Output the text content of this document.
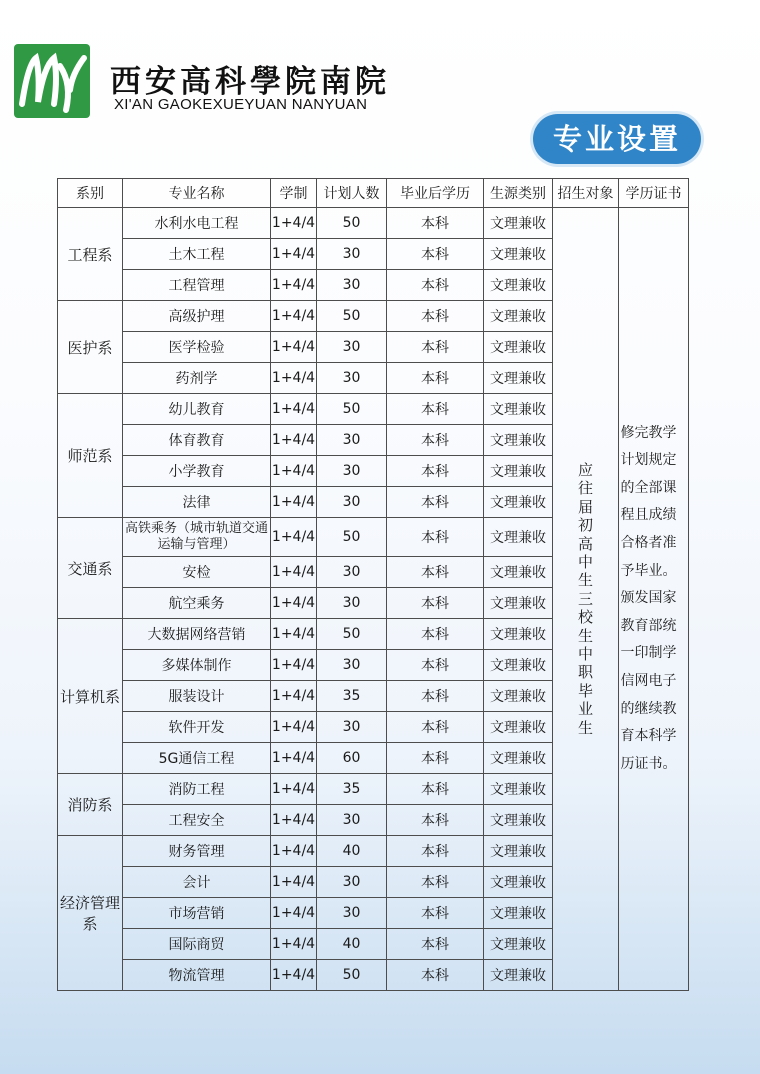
西安高科學院南院
XI'AN GAOKEXUEYUAN NANYUAN
专业设置
系别	专业名称	学制	计划人数	毕业后学历	生源类别	招生对象	学历证书
工程系	水利水电工程	1+4/4	50	本科	文理兼收	应往届初高中生三校生中职毕业生	修完教学计划规定的全部课程且成绩合格者准予毕业。颁发国家教育部统一印制学信网电子的继续教育本科学历证书。
	土木工程	1+4/4	30	本科	文理兼收		
	工程管理	1+4/4	30	本科	文理兼收		
医护系	高级护理	1+4/4	50	本科	文理兼收		
	医学检验	1+4/4	30	本科	文理兼收		
	药剂学	1+4/4	30	本科	文理兼收		
师范系	幼儿教育	1+4/4	50	本科	文理兼收		
	体育教育	1+4/4	30	本科	文理兼收		
	小学教育	1+4/4	30	本科	文理兼收		
	法律	1+4/4	30	本科	文理兼收		
交通系	高铁乘务（城市轨道交通运输与管理）	1+4/4	50	本科	文理兼收		
	安检	1+4/4	30	本科	文理兼收		
	航空乘务	1+4/4	30	本科	文理兼收		
计算机系	大数据网络营销	1+4/4	50	本科	文理兼收		
	多媒体制作	1+4/4	30	本科	文理兼收		
	服装设计	1+4/4	35	本科	文理兼收		
	软件开发	1+4/4	30	本科	文理兼收		
	5G通信工程	1+4/4	60	本科	文理兼收		
消防系	消防工程	1+4/4	35	本科	文理兼收		
	工程安全	1+4/4	30	本科	文理兼收		
经济管理系	财务管理	1+4/4	40	本科	文理兼收		
	会计	1+4/4	30	本科	文理兼收		
	市场营销	1+4/4	30	本科	文理兼收		
	国际商贸	1+4/4	40	本科	文理兼收		
	物流管理	1+4/4	50	本科	文理兼收		
